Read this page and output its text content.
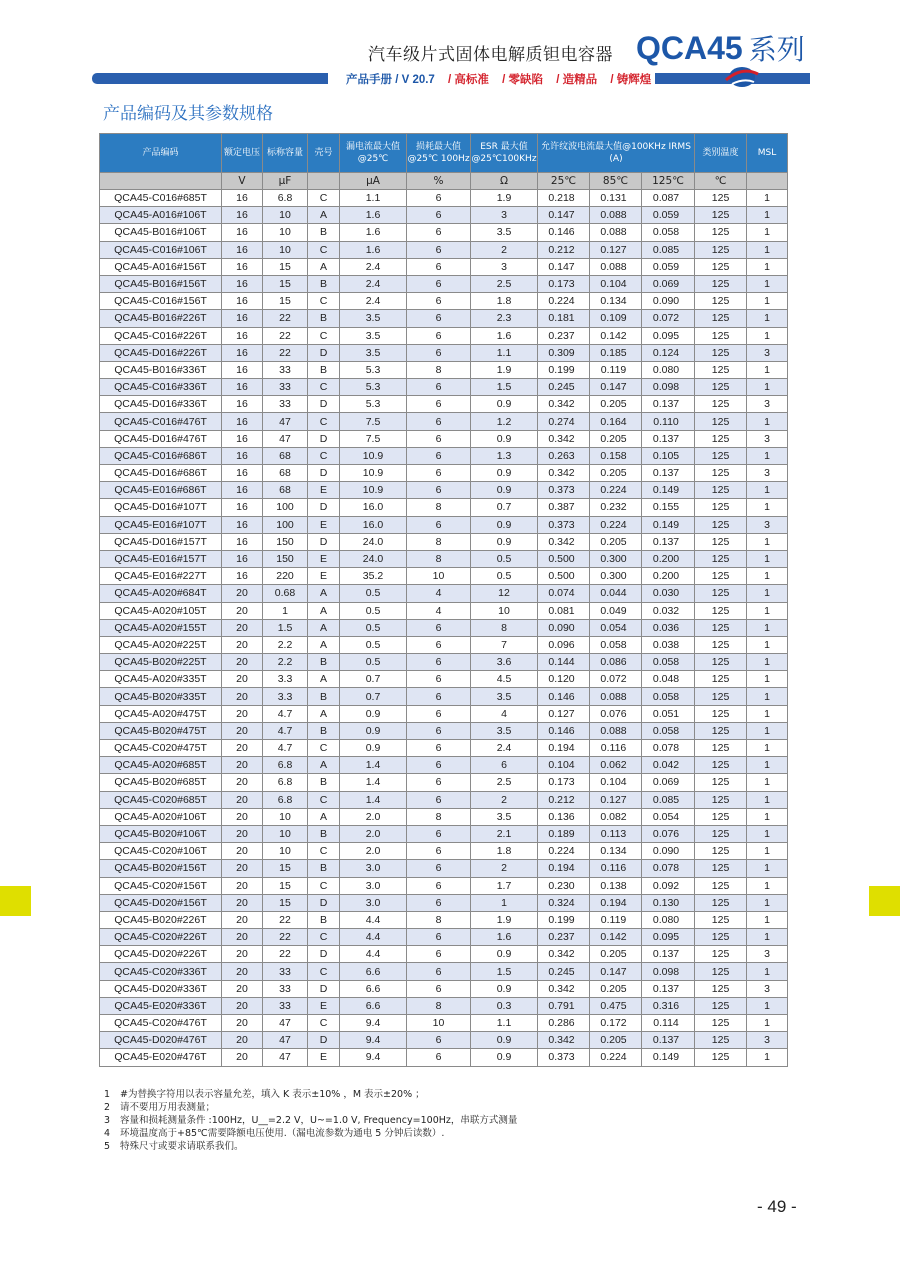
汽车级片式固体电解质钽电容器 QCA45 系列
产品手册 / V 20.7 / 高标准 / 零缺陷 / 造精品 / 铸辉煌
产品编码及其参数规格
产品编码	额定电压	标称容量	壳号	漏电流最大值@25℃	损耗最大值@25℃ 100Hz	ESR 最大值@25℃100KHz	允许纹波电流最大值@100KHz IRMS (A)			类别温度	MSL
	V	μF		μA	%	Ω	25℃	85℃	125℃	℃	
QCA45-C016#685T	16	6.8	C	1.1	6	1.9	0.218	0.131	0.087	125	1
QCA45-A016#106T	16	10	A	1.6	6	3	0.147	0.088	0.059	125	1
QCA45-B016#106T	16	10	B	1.6	6	3.5	0.146	0.088	0.058	125	1
QCA45-C016#106T	16	10	C	1.6	6	2	0.212	0.127	0.085	125	1
QCA45-A016#156T	16	15	A	2.4	6	3	0.147	0.088	0.059	125	1
QCA45-B016#156T	16	15	B	2.4	6	2.5	0.173	0.104	0.069	125	1
QCA45-C016#156T	16	15	C	2.4	6	1.8	0.224	0.134	0.090	125	1
QCA45-B016#226T	16	22	B	3.5	6	2.3	0.181	0.109	0.072	125	1
QCA45-C016#226T	16	22	C	3.5	6	1.6	0.237	0.142	0.095	125	1
QCA45-D016#226T	16	22	D	3.5	6	1.1	0.309	0.185	0.124	125	3
QCA45-B016#336T	16	33	B	5.3	8	1.9	0.199	0.119	0.080	125	1
QCA45-C016#336T	16	33	C	5.3	6	1.5	0.245	0.147	0.098	125	1
QCA45-D016#336T	16	33	D	5.3	6	0.9	0.342	0.205	0.137	125	3
QCA45-C016#476T	16	47	C	7.5	6	1.2	0.274	0.164	0.110	125	1
QCA45-D016#476T	16	47	D	7.5	6	0.9	0.342	0.205	0.137	125	3
QCA45-C016#686T	16	68	C	10.9	6	1.3	0.263	0.158	0.105	125	1
QCA45-D016#686T	16	68	D	10.9	6	0.9	0.342	0.205	0.137	125	3
QCA45-E016#686T	16	68	E	10.9	6	0.9	0.373	0.224	0.149	125	1
QCA45-D016#107T	16	100	D	16.0	8	0.7	0.387	0.232	0.155	125	1
QCA45-E016#107T	16	100	E	16.0	6	0.9	0.373	0.224	0.149	125	3
QCA45-D016#157T	16	150	D	24.0	8	0.9	0.342	0.205	0.137	125	1
QCA45-E016#157T	16	150	E	24.0	8	0.5	0.500	0.300	0.200	125	1
QCA45-E016#227T	16	220	E	35.2	10	0.5	0.500	0.300	0.200	125	1
QCA45-A020#684T	20	0.68	A	0.5	4	12	0.074	0.044	0.030	125	1
QCA45-A020#105T	20	1	A	0.5	4	10	0.081	0.049	0.032	125	1
QCA45-A020#155T	20	1.5	A	0.5	6	8	0.090	0.054	0.036	125	1
QCA45-A020#225T	20	2.2	A	0.5	6	7	0.096	0.058	0.038	125	1
QCA45-B020#225T	20	2.2	B	0.5	6	3.6	0.144	0.086	0.058	125	1
QCA45-A020#335T	20	3.3	A	0.7	6	4.5	0.120	0.072	0.048	125	1
QCA45-B020#335T	20	3.3	B	0.7	6	3.5	0.146	0.088	0.058	125	1
QCA45-A020#475T	20	4.7	A	0.9	6	4	0.127	0.076	0.051	125	1
QCA45-B020#475T	20	4.7	B	0.9	6	3.5	0.146	0.088	0.058	125	1
QCA45-C020#475T	20	4.7	C	0.9	6	2.4	0.194	0.116	0.078	125	1
QCA45-A020#685T	20	6.8	A	1.4	6	6	0.104	0.062	0.042	125	1
QCA45-B020#685T	20	6.8	B	1.4	6	2.5	0.173	0.104	0.069	125	1
QCA45-C020#685T	20	6.8	C	1.4	6	2	0.212	0.127	0.085	125	1
QCA45-A020#106T	20	10	A	2.0	8	3.5	0.136	0.082	0.054	125	1
QCA45-B020#106T	20	10	B	2.0	6	2.1	0.189	0.113	0.076	125	1
QCA45-C020#106T	20	10	C	2.0	6	1.8	0.224	0.134	0.090	125	1
QCA45-B020#156T	20	15	B	3.0	6	2	0.194	0.116	0.078	125	1
QCA45-C020#156T	20	15	C	3.0	6	1.7	0.230	0.138	0.092	125	1
QCA45-D020#156T	20	15	D	3.0	6	1	0.324	0.194	0.130	125	1
QCA45-B020#226T	20	22	B	4.4	8	1.9	0.199	0.119	0.080	125	1
QCA45-C020#226T	20	22	C	4.4	6	1.6	0.237	0.142	0.095	125	1
QCA45-D020#226T	20	22	D	4.4	6	0.9	0.342	0.205	0.137	125	3
QCA45-C020#336T	20	33	C	6.6	6	1.5	0.245	0.147	0.098	125	1
QCA45-D020#336T	20	33	D	6.6	6	0.9	0.342	0.205	0.137	125	3
QCA45-E020#336T	20	33	E	6.6	8	0.3	0.791	0.475	0.316	125	1
QCA45-C020#476T	20	47	C	9.4	10	1.1	0.286	0.172	0.114	125	1
QCA45-D020#476T	20	47	D	9.4	6	0.9	0.342	0.205	0.137	125	3
QCA45-E020#476T	20	47	E	9.4	6	0.9	0.373	0.224	0.149	125	1
1 #为替换字符用以表示容量允差，填入 K 表示±10% ，M 表示±20% ；
2 请不要用万用表测量；
3 容量和损耗测量条件 :100Hz，U__=2.2 V，U~=1.0 V, Frequency=100Hz，串联方式测量
4 环境温度高于+85℃需要降额电压使用.（漏电流参数为通电 5 分钟后读数）.
5 特殊尺寸或要求请联系我们。
- 49 -
